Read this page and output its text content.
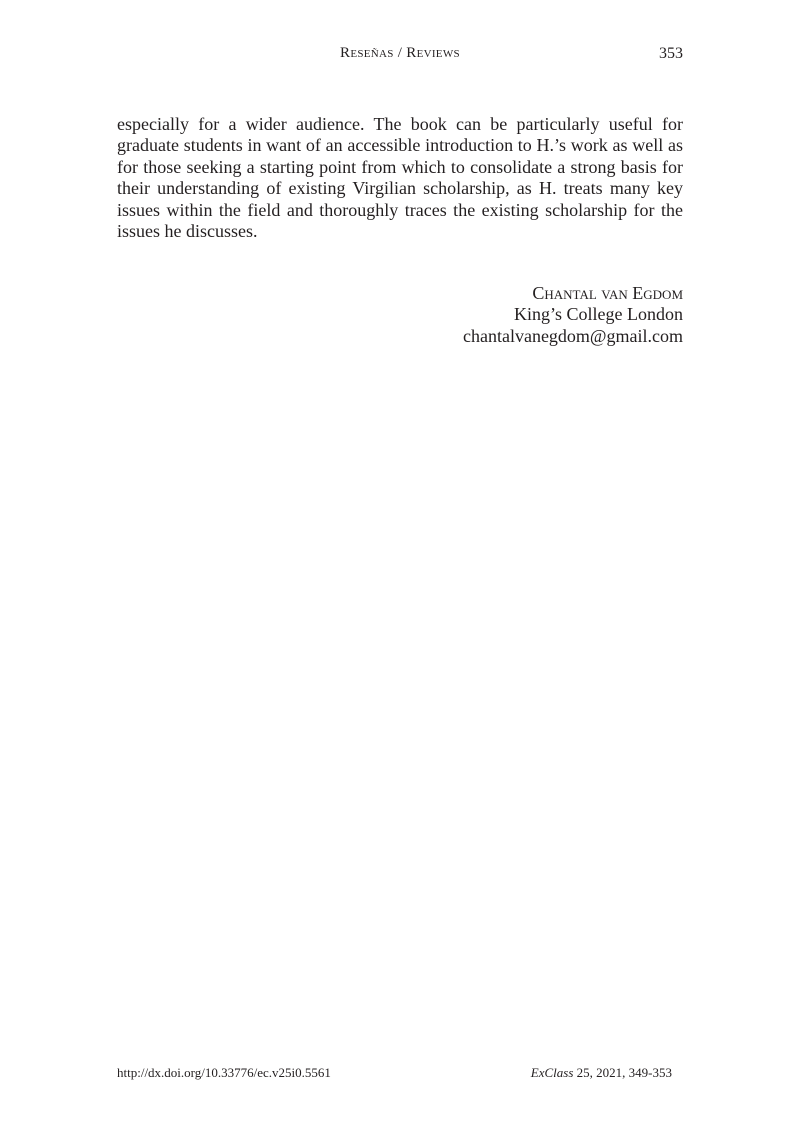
Reseñas / Reviews	353

especially for a wider audience. The book can be particularly useful for graduate students in want of an accessible introduction to H.’s work as well as for those seeking a starting point from which to consolidate a strong basis for their understanding of existing Virgilian scholarship, as H. treats many key issues within the field and thoroughly traces the existing scholarship for the issues he discusses.

Chantal van Egdom
King’s College London
chantalvanegdom@gmail.com
http://dx.doi.org/10.33776/ec.v25i0.5561	ExClass 25, 2021, 349-353
